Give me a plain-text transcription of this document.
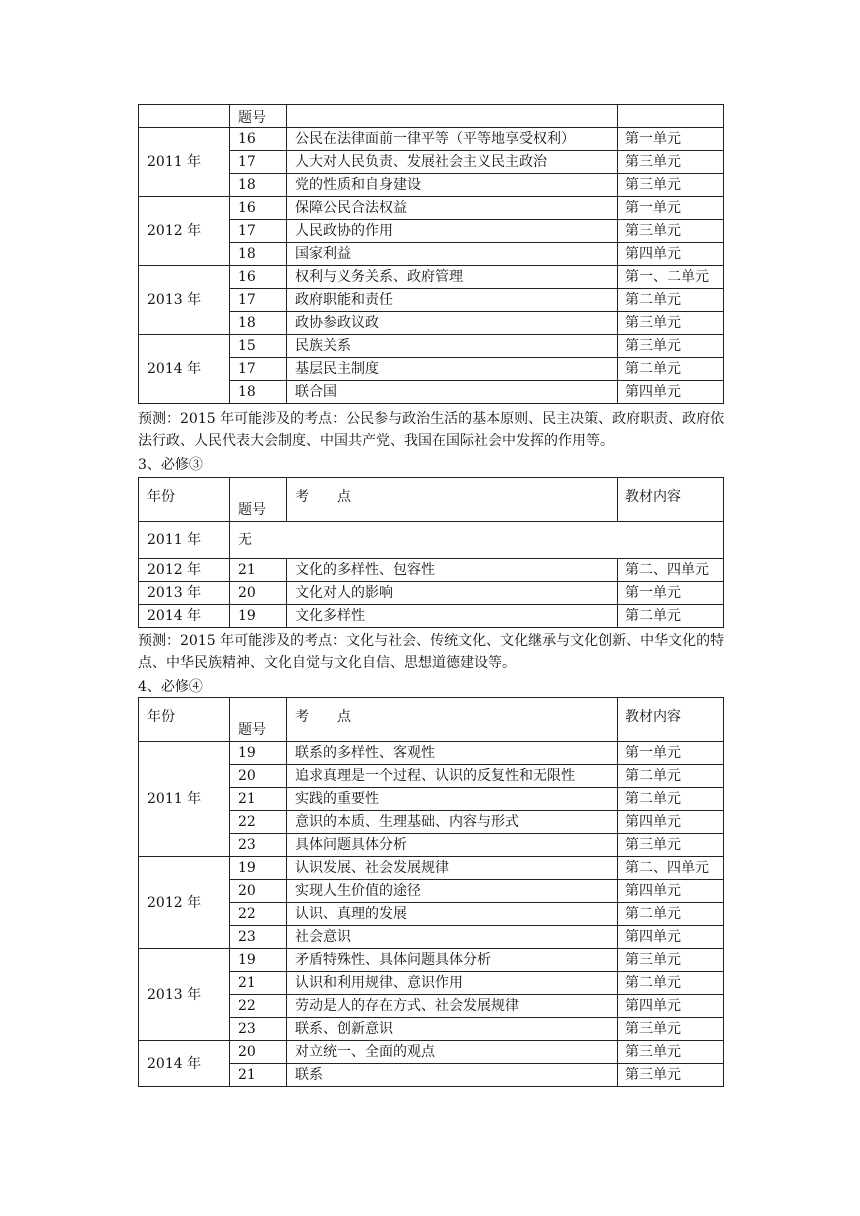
	题号		
2011 年	16	公民在法律面前一律平等（平等地享受权利）	第一单元
	17	人大对人民负责、发展社会主义民主政治	第三单元
	18	党的性质和自身建设	第三单元
2012 年	16	保障公民合法权益	第一单元
	17	人民政协的作用	第三单元
	18	国家利益	第四单元
2013 年	16	权利与义务关系、政府管理	第一、二单元
	17	政府职能和责任	第二单元
	18	政协参政议政	第三单元
2014 年	15	民族关系	第三单元
	17	基层民主制度	第二单元
	18	联合国	第四单元
预测：2015 年可能涉及的考点：公民参与政治生活的基本原则、民主决策、政府职责、政府依法行政、人民代表大会制度、中国共产党、我国在国际社会中发挥的作用等。
3、必修③
年份	题号	考　　点	教材内容
2011 年	无		
2012 年	21	文化的多样性、包容性	第二、四单元
2013 年	20	文化对人的影响	第一单元
2014 年	19	文化多样性	第二单元
预测：2015 年可能涉及的考点：文化与社会、传统文化、文化继承与文化创新、中华文化的特点、中华民族精神、文化自觉与文化自信、思想道德建设等。
4、必修④
年份	题号	考　　点	教材内容
2011 年	19	联系的多样性、客观性	第一单元
	20	追求真理是一个过程、认识的反复性和无限性	第二单元
	21	实践的重要性	第二单元
	22	意识的本质、生理基础、内容与形式	第四单元
	23	具体问题具体分析	第三单元
2012 年	19	认识发展、社会发展规律	第二、四单元
	20	实现人生价值的途径	第四单元
	22	认识、真理的发展	第二单元
	23	社会意识	第四单元
2013 年	19	矛盾特殊性、具体问题具体分析	第三单元
	21	认识和利用规律、意识作用	第二单元
	22	劳动是人的存在方式、社会发展规律	第四单元
	23	联系、创新意识	第三单元
2014 年	20	对立统一、全面的观点	第三单元
	21	联系	第三单元
